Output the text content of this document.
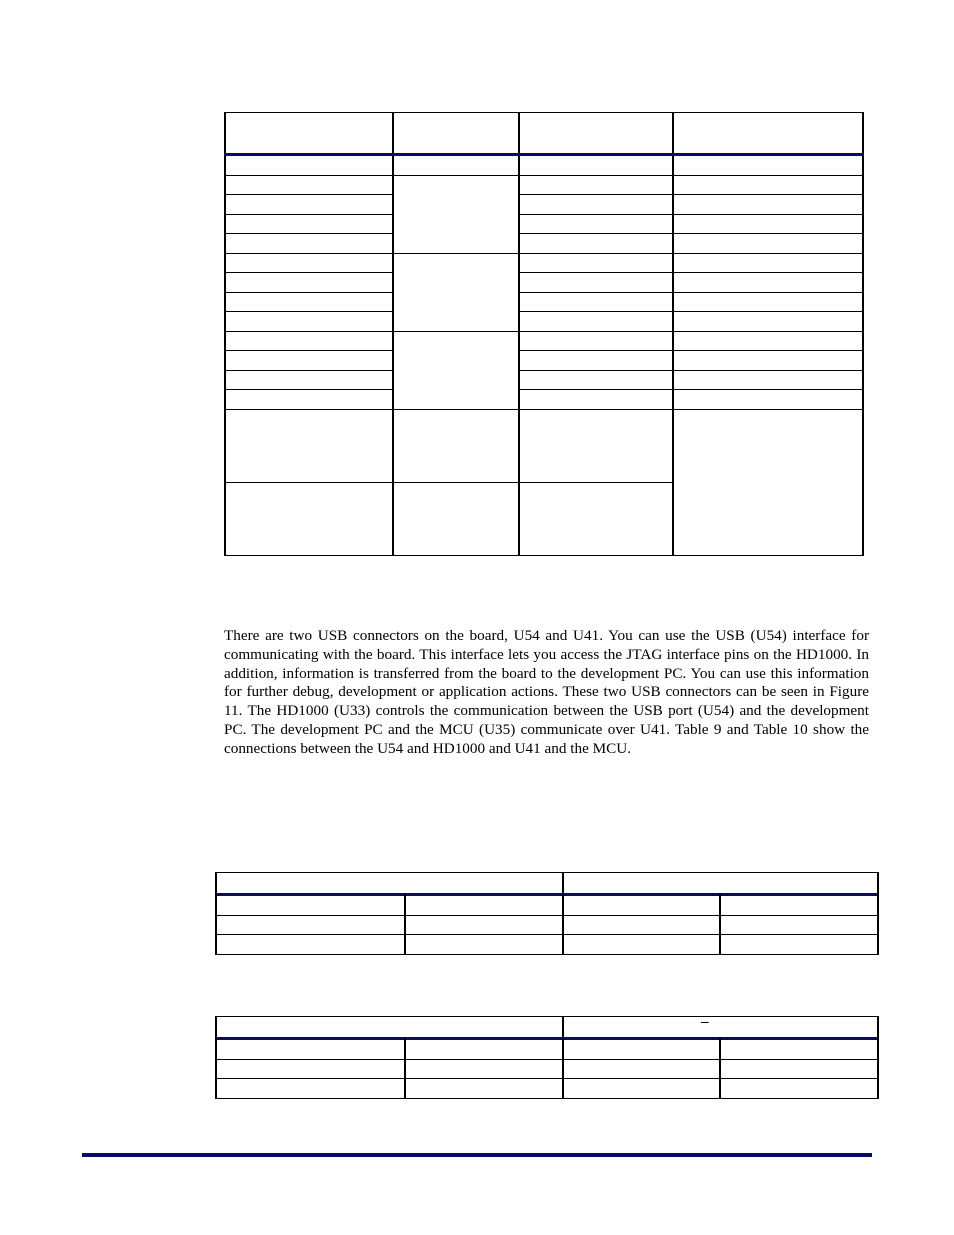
There are two USB connectors on the board, U54 and U41. You can use the USB (U54) interface for communicating with the board. This interface lets you access the JTAG interface pins on the HD1000. In addition, information is transferred from the board to the development PC. You can use this information for further debug, development or application actions. These two USB connectors can be seen in Figure 11. The HD1000 (U33) controls the communication between the USB port (U54) and the development PC. The development PC and the MCU (U35) communicate over U41. Table 9 and Table 10 show the connections between the U54 and HD1000 and U41 and the MCU.

–
